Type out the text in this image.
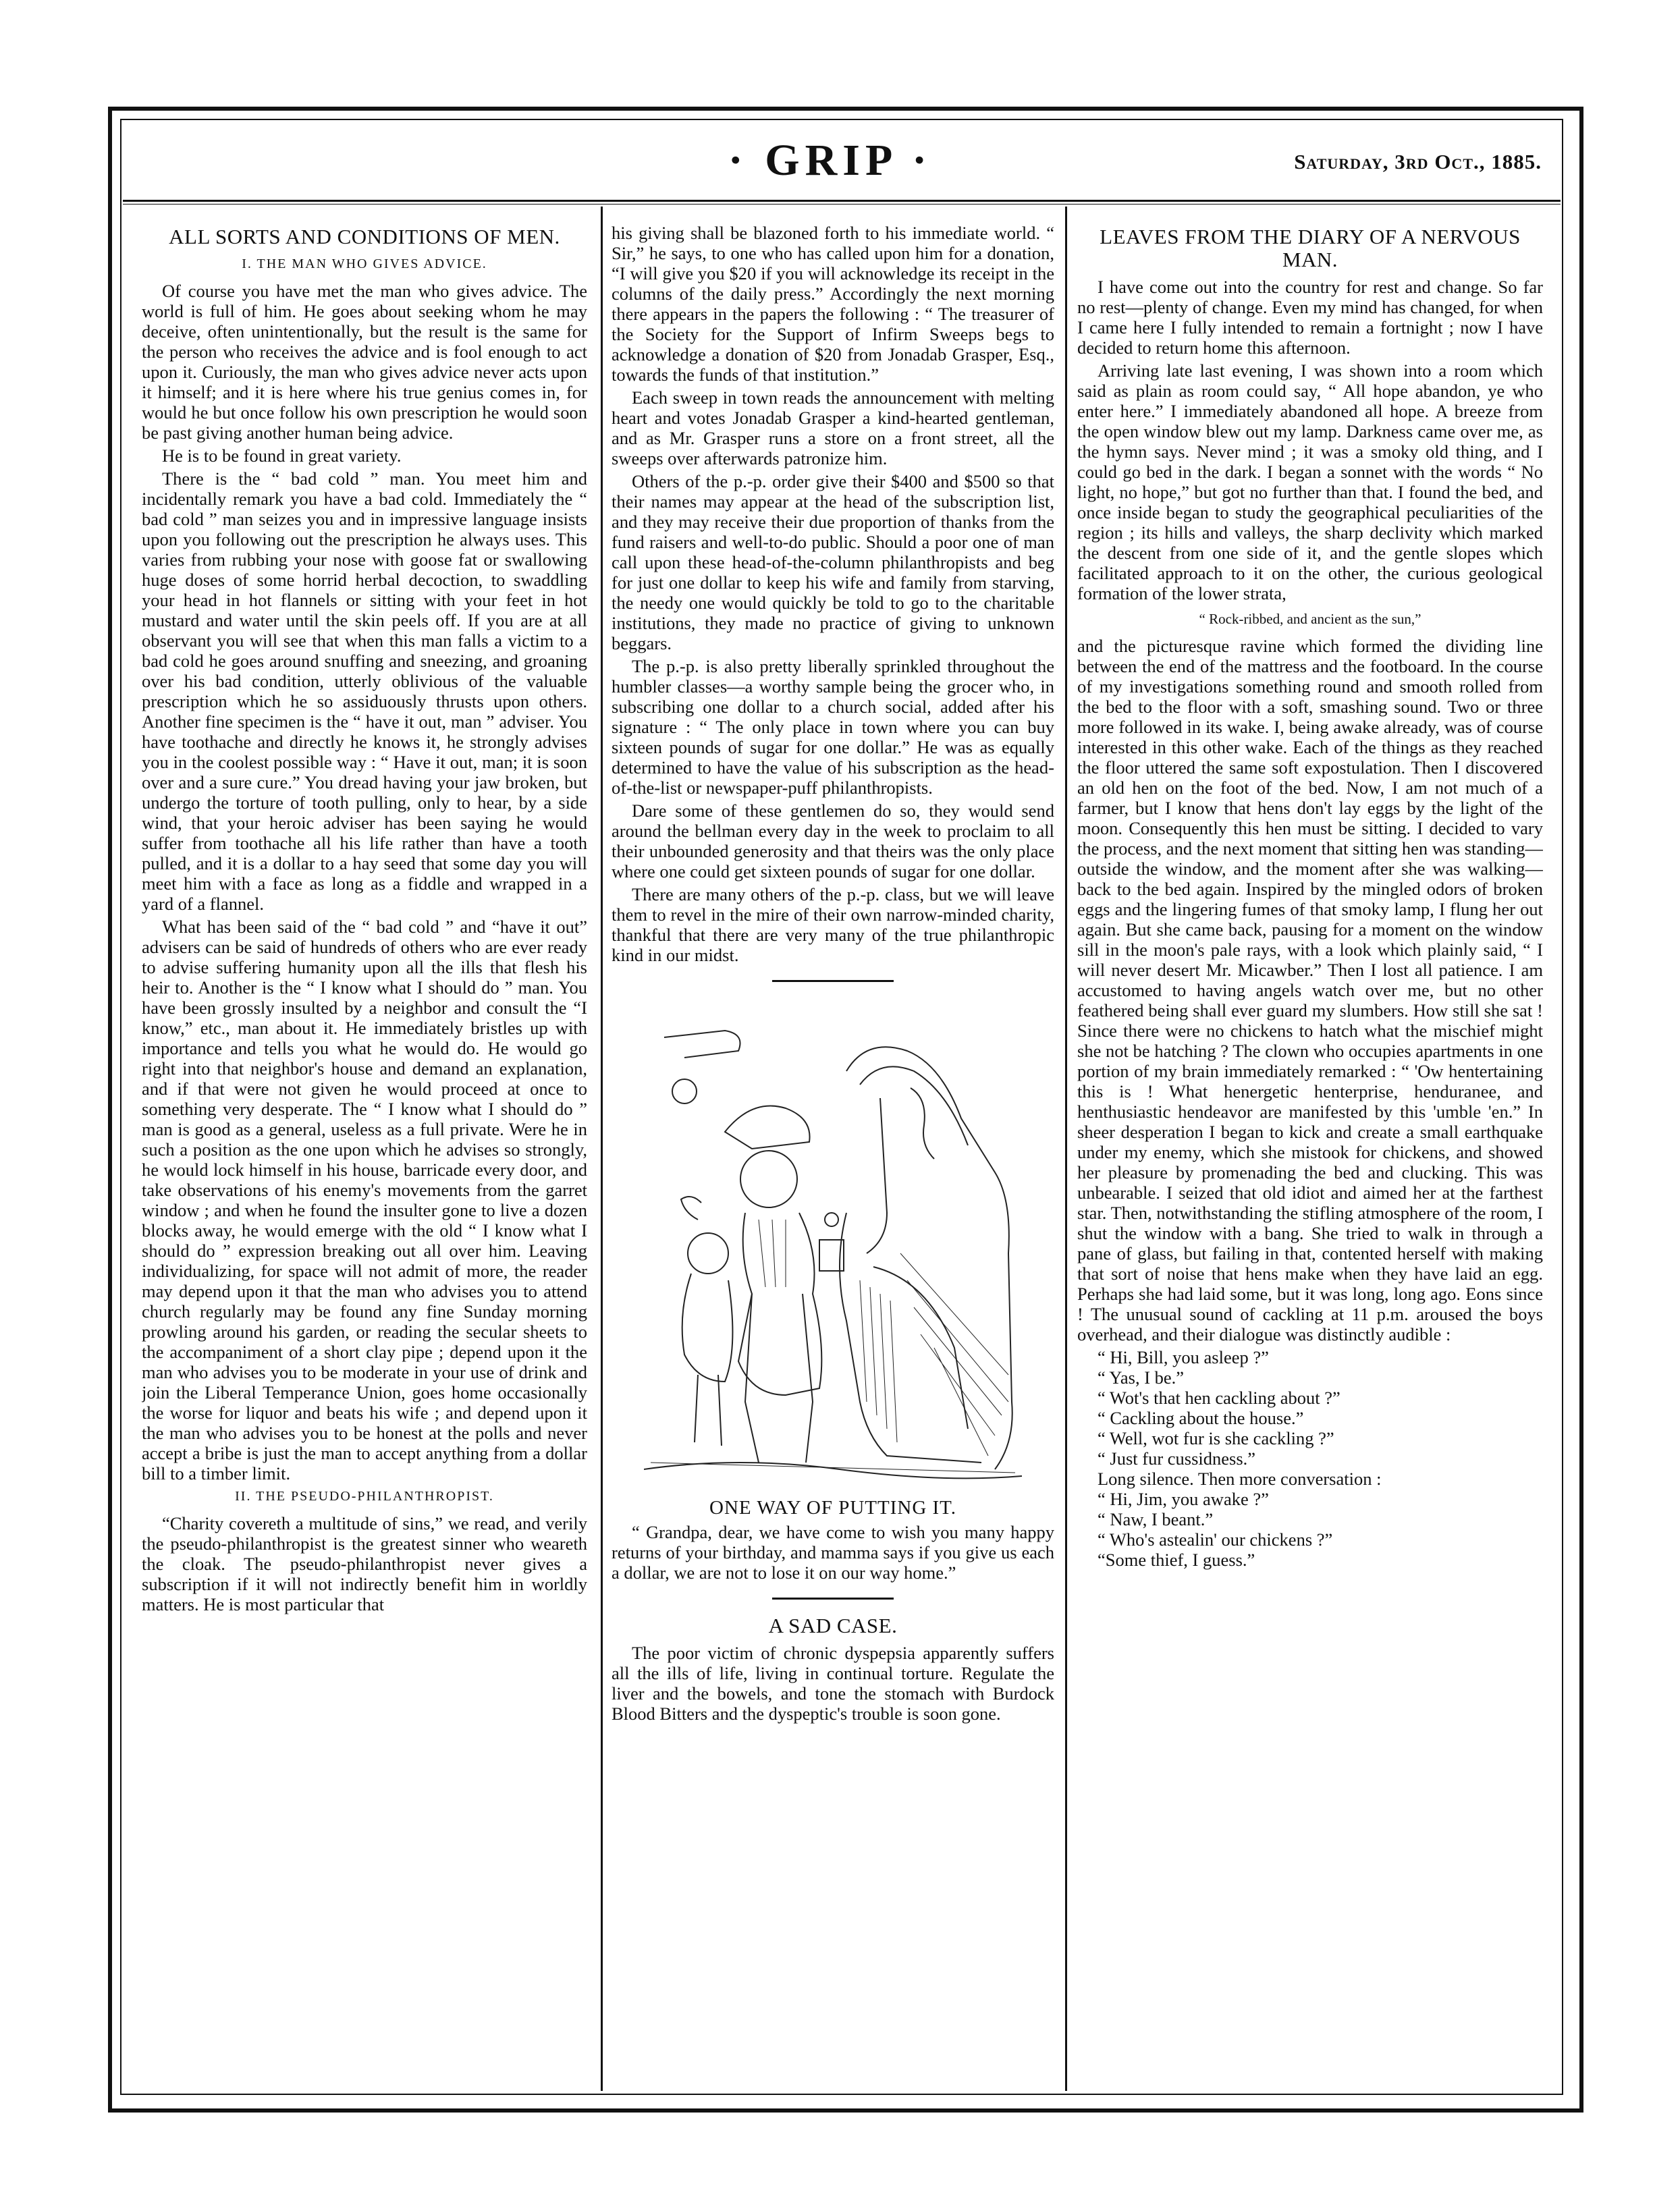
· GRIP ·	Saturday, 3rd Oct., 1885.
ALL SORTS AND CONDITIONS OF MEN.
I. THE MAN WHO GIVES ADVICE.

Of course you have met the man who gives advice. The world is full of him. He goes about seeking whom he may deceive, often unintentionally, but the result is the same for the person who receives the advice and is fool enough to act upon it. Curiously, the man who gives advice never acts upon it himself; and it is here where his true genius comes in, for would he but once follow his own prescription he would soon be past giving another human being advice.

He is to be found in great variety.

There is the “ bad cold ” man. You meet him and incidentally remark you have a bad cold. Immediately the “ bad cold ” man seizes you and in impressive language insists upon you following out the prescription he always uses. This varies from rubbing your nose with goose fat or swallowing huge doses of some horrid herbal decoction, to swaddling your head in hot flannels or sitting with your feet in hot mustard and water until the skin peels off. If you are at all observant you will see that when this man falls a victim to a bad cold he goes around snuffing and sneezing, and groaning over his bad condition, utterly oblivious of the valuable prescription which he so assiduously thrusts upon others. Another fine specimen is the “ have it out, man ” adviser. You have toothache and directly he knows it, he strongly advises you in the coolest possible way : “ Have it out, man; it is soon over and a sure cure.” You dread having your jaw broken, but undergo the torture of tooth pulling, only to hear, by a side wind, that your heroic adviser has been saying he would suffer from toothache all his life rather than have a tooth pulled, and it is a dollar to a hay seed that some day you will meet him with a face as long as a fiddle and wrapped in a yard of a flannel.

What has been said of the “ bad cold ” and “have it out” advisers can be said of hundreds of others who are ever ready to advise suffering humanity upon all the ills that flesh his heir to. Another is the “ I know what I should do ” man. You have been grossly insulted by a neighbor and consult the “I know,” etc., man about it. He immediately bristles up with importance and tells you what he would do. He would go right into that neighbor's house and demand an explanation, and if that were not given he would proceed at once to something very desperate. The “ I know what I should do ” man is good as a general, useless as a full private. Were he in such a position as the one upon which he advises so strongly, he would lock himself in his house, barricade every door, and take observations of his enemy's movements from the garret window ; and when he found the insulter gone to live a dozen blocks away, he would emerge with the old “ I know what I should do ” expression breaking out all over him. Leaving individualizing, for space will not admit of more, the reader may depend upon it that the man who advises you to attend church regularly may be found any fine Sunday morning prowling around his garden, or reading the secular sheets to the accompaniment of a short clay pipe ; depend upon it the man who advises you to be moderate in your use of drink and join the Liberal Temperance Union, goes home occasionally the worse for liquor and beats his wife ; and depend upon it the man who advises you to be honest at the polls and never accept a bribe is just the man to accept anything from a dollar bill to a timber limit.

II. THE PSEUDO-PHILANTHROPIST.

“Charity covereth a multitude of sins,” we read, and verily the pseudo-philanthropist is the greatest sinner who weareth the cloak. The pseudo-philanthropist never gives a subscription if it will not indirectly benefit him in worldly matters. He is most particular that

his giving shall be blazoned forth to his immediate world. “ Sir,” he says, to one who has called upon him for a donation, “I will give you $20 if you will acknowledge its receipt in the columns of the daily press.” Accordingly the next morning there appears in the papers the following : “ The treasurer of the Society for the Support of Infirm Sweeps begs to acknowledge a donation of $20 from Jonadab Grasper, Esq., towards the funds of that institution.”

Each sweep in town reads the announcement with melting heart and votes Jonadab Grasper a kind-hearted gentleman, and as Mr. Grasper runs a store on a front street, all the sweeps over afterwards patronize him.

Others of the p.-p. order give their $400 and $500 so that their names may appear at the head of the subscription list, and they may receive their due proportion of thanks from the fund raisers and well-to-do public. Should a poor one of man call upon these head-of-the-column philanthropists and beg for just one dollar to keep his wife and family from starving, the needy one would quickly be told to go to the charitable institutions, they made no practice of giving to unknown beggars.

The p.-p. is also pretty liberally sprinkled throughout the humbler classes—a worthy sample being the grocer who, in subscribing one dollar to a church social, added after his signature : “ The only place in town where you can buy sixteen pounds of sugar for one dollar.” He was as equally determined to have the value of his subscription as the head-of-the-list or newspaper-puff philanthropists.

Dare some of these gentlemen do so, they would send around the bellman every day in the week to proclaim to all their unbounded generosity and that theirs was the only place where one could get sixteen pounds of sugar for one dollar.

There are many others of the p.-p. class, but we will leave them to revel in the mire of their own narrow-minded charity, thankful that there are very many of the true philanthropic kind in our midst.

ONE WAY OF PUTTING IT.

“ Grandpa, dear, we have come to wish you many happy returns of your birthday, and mamma says if you give us each a dollar, we are not to lose it on our way home.”

A SAD CASE.

The poor victim of chronic dyspepsia apparently suffers all the ills of life, living in continual torture. Regulate the liver and the bowels, and tone the stomach with Burdock Blood Bitters and the dyspeptic's trouble is soon gone.

LEAVES FROM THE DIARY OF A NERVOUS MAN.

I have come out into the country for rest and change. So far no rest—plenty of change. Even my mind has changed, for when I came here I fully intended to remain a fortnight ; now I have decided to return home this afternoon.

Arriving late last evening, I was shown into a room which said as plain as room could say, “ All hope abandon, ye who enter here.” I immediately abandoned all hope. A breeze from the open window blew out my lamp. Darkness came over me, as the hymn says. Never mind ; it was a smoky old thing, and I could go bed in the dark. I began a sonnet with the words “ No light, no hope,” but got no further than that. I found the bed, and once inside began to study the geographical peculiarities of the region ; its hills and valleys, the sharp declivity which marked the descent from one side of it, and the gentle slopes which facilitated approach to it on the other, the curious geological formation of the lower strata,

“ Rock-ribbed, and ancient as the sun,”

and the picturesque ravine which formed the dividing line between the end of the mattress and the footboard. In the course of my investigations something round and smooth rolled from the bed to the floor with a soft, smashing sound. Two or three more followed in its wake. I, being awake already, was of course interested in this other wake. Each of the things as they reached the floor uttered the same soft expostulation. Then I discovered an old hen on the foot of the bed. Now, I am not much of a farmer, but I know that hens don't lay eggs by the light of the moon. Consequently this hen must be sitting. I decided to vary the process, and the next moment that sitting hen was standing—outside the window, and the moment after she was walking—back to the bed again. Inspired by the mingled odors of broken eggs and the lingering fumes of that smoky lamp, I flung her out again. But she came back, pausing for a moment on the window sill in the moon's pale rays, with a look which plainly said, “ I will never desert Mr. Micawber.” Then I lost all patience. I am accustomed to having angels watch over me, but no other feathered being shall ever guard my slumbers. How still she sat ! Since there were no chickens to hatch what the mischief might she not be hatching ? The clown who occupies apartments in one portion of my brain immediately remarked : “ 'Ow hentertaining this is ! What henergetic henterprise, henduranee, and henthusiastic hendeavor are manifested by this 'umble 'en.” In sheer desperation I began to kick and create a small earthquake under my enemy, which she mistook for chickens, and showed her pleasure by promenading the bed and clucking. This was unbearable. I seized that old idiot and aimed her at the farthest star. Then, notwithstanding the stifling atmosphere of the room, I shut the window with a bang. She tried to walk in through a pane of glass, but failing in that, contented herself with making that sort of noise that hens make when they have laid an egg. Perhaps she had laid some, but it was long, long ago. Eons since ! The unusual sound of cackling at 11 p.m. aroused the boys overhead, and their dialogue was distinctly audible :

“ Hi, Bill, you asleep ?”

“ Yas, I be.”

“ Wot's that hen cackling about ?”

“ Cackling about the house.”

“ Well, wot fur is she cackling ?”

“ Just fur cussidness.”

Long silence. Then more conversation :

“ Hi, Jim, you awake ?”

“ Naw, I beant.”

“ Who's astealin' our chickens ?”

“Some thief, I guess.”
